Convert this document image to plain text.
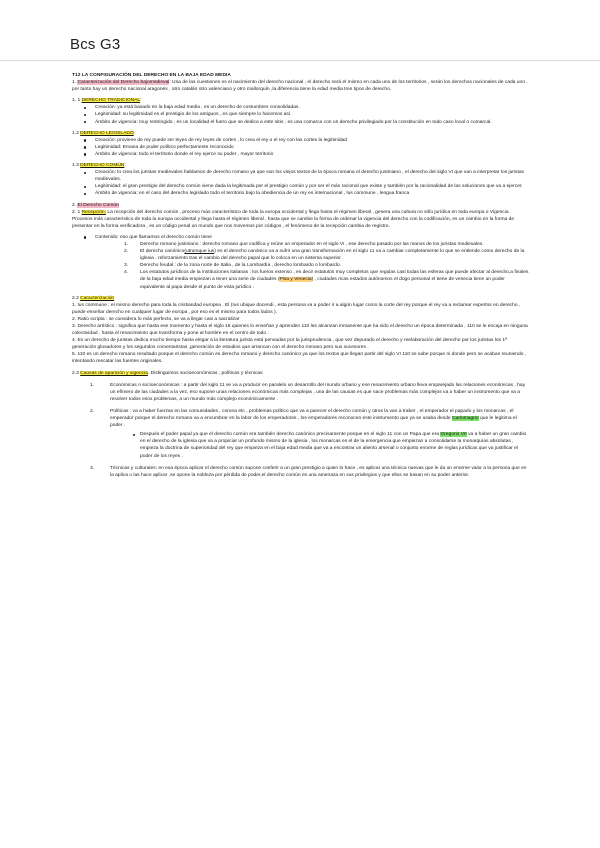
Bcs G3

T12 LA CONFIGURACIÓN DEL DERECHO EN LA BAJA EDAD MEDIA

1. Caracterización del Derecho bajomedieval: Una de las cuestiones es el nacimiento del derecho nacional , el derecho será el mismo en cada uno de los territorios , serán los derechos nacionales de cada uno , por tanto hay un derecho nacional aragonés , otro catalán otro valenciano y otro mallorquín ,la diferencia tiene la edad media tres tipos de derecho.

1. 1 DERECHO TRADICIONAL:

Creación: ya está basado en la baja edad media , es un derecho de costumbres consolidadas.
Legitimidad: su legitimidad es el prestigio de los antiguos , es que siempre lo hacemos así.
Ámbito de vigencia: muy restringido , es un localidad el fuero que se dedica a este sitio , es una comarca con un derecho privilegiado por la constitución en todo caso local o comarcal.

1.2 DERECHO LEGISLADO:

Creación: proviene de rey puede ser leyes de rey leyes de cortes , lo crea el rey o el rey con las cortes la legitimidad
Legitimidad: Emana de poder político perfectamente reconocido
Ámbito de vigencia: todo el territorio donde el rey ejerce su poder , mayor territorio

1.3 DERECHO COMÚN:

Creación: lo crea los juristas medievales hablamos de derecho romano ya que son los viejos textos de la época romana el derecho justiniano , el derecho del siglo VI que van a interpretar los juristas medievales.
Legitimidad: el gran prestigio del derecho común viene dada la legitimada por el prestigio común y por ser el más racional que existe y también por la racionalidad de las soluciones que va a ejercer.
Ámbito de vigencia: en el caso del derecho legislado todo el territorio bajo la obediencia de un rey es internacional , lus commune , lengua franca

2. El Derecho Común

2. 1 Recepción: La recepción del derecho común , proceso más característico de toda la europa occidental y llega hasta el régimen liberal , genera una cultura no sólo jurídica en toda europa o Vigencia Procesos más característico de toda la europa occidental y llega hasta el régimen liberal , hasta que se cambie la forma de ordenar la vigencia del derecho con la codificación, es un cambio en la forma de presentar en la forma verificadora , es un código penal un mundo que nos movemos por códigos , el fenómeno de la recepción cambia de registro.

Contenido: eso que llamamos el derecho común tiene
1. Derecho romano justiniano : derecho romano que codifica y reúne un emperador en el siglo VI , ese derecho pasado por las manos de los juristas medievales.
2. El derecho canónico(utrumque ius) es el derecho canónico va a sufrir una gran transformación en el siglo 11 va a cambiar completamente lo que se entiende como derecho de la iglesia , reforzamiento tras el cambio del derecho papal que lo coloca en un sistema superior .
3. Derecho feudal : de la zona norte de Italia , de la Lombardía , derecho lombardo o lombardo.
4. Los estatutos jurídicos de la instituciones italianas : los fueros extenso , es decir estatutos muy completos que regulas casi todas las esferas que puede afectar al derecho,a finales de la baja edad media empiezan a tener una serie de ciudades (Pisa y Venecia) , ciudades ricas estados autónomos el dogo personal el tiene de venecia tiene un poder equivalente al papa desde el punto de vista jurídico .

2.2 Caracterización

1. Ius commune : el mismo derecho para toda la cristiandad europea . El (Ius ubique docendi , esta persona va a poder ir a algún lugar como la corte del rey porque el rey va a reclamar expertos en derecho , puede enseñar derecho en cualquier lugar de europa , por eso es el mismo para todos lados ).

2. Ratio scripta : se considera lo más perfecto, se va a llegar casi a sacralizar

3. Derecho artístico : significa que hasta ese momento y hasta el siglo 16 quienes lo enseñan y aprenden 110 les alcanzan inmanente que ha sido el derecho un época determinada , 110 se le encaja en ninguna colectividad , hasta el renacimiento que transforma y pone al hombre en el centro de todo .

4. Es un derecho de juristas dedica mucho tiempo hasta elegar a la literatura jurista está pensadas por la jurisprudencia , que vez depurado el derecho y reelaboración del derecho por los juristas los 1ª generación glosadores y los segundos comentaristas ,generación de estudios que arrancan con el derecho romano pero sus sucesores .

5. 110 es un derecho romano resultado porque el derecho común es derecho romano y derecho canónico ya que los textos que llegan partir del siglo VI 110 se sabe porque ni donde pero se acaban reuniendo , intentando rescatar las fuentes originales.

2.3 Causas de aparición y vigencia. Distinguimos socioeconómicas , políticas y técnicas

1.	Económicas o socioeconómicas : a partir del siglo 11 se va a producir en paralelo un desarrollo del mundo urbano y ese renacimiento urbano lleva emparejado las relaciones económicas , hay un efímero de las ciudades a la vez, eso supone unas relaciones económicas más complejas , una de las causas es que nace problemas más complejos va a haber un instrumento que va a resolver todos esos problemas, a un mundo más complejo económicamente .
2.	Políticas : va a haber fuerzas en las comunidades , corona etc , problemas político que va a parecer el derecho común y otros la van a traber , el emperador el papado y los monarcas , el emperador porque el derecho romano va a encumbrar en la labor de los emperadores , los emperadores reconocen este instrumento que ya se usaba desde Carlomagno que le legitima el poder .
Después el poder papal ya que el derecho común era también derecho canónico precisamente porque en el siglo 11 con un Papa que era Gregorio VII va a haber un gran cambio en el derecho de la iglesia que va a propiciar un profundo mismo de la iglesia , los monarcas es el de la emergencia que empiezan a consolidarse la monarquías absolutas , empieza la doctrina de superioridad del rey que empieza en el baja edad media que va a encontrar un aliento arsenal o conjunto enorme de reglas jurídicas que va justificar el poder de los reyes .
3.	Técnicas y culturales: en esa época aplicar el derecho común supone conferir a un gran prestigio a quien lo hace , es aplicar una técnica nuevas que le da un enorme valor a la persona que en la aplica o las hace aplicar ,se opone la nobleza por pérdida de poder,el derecho común es una amenaza en sus privilegios y que ellos se basan en su poder anterior.
